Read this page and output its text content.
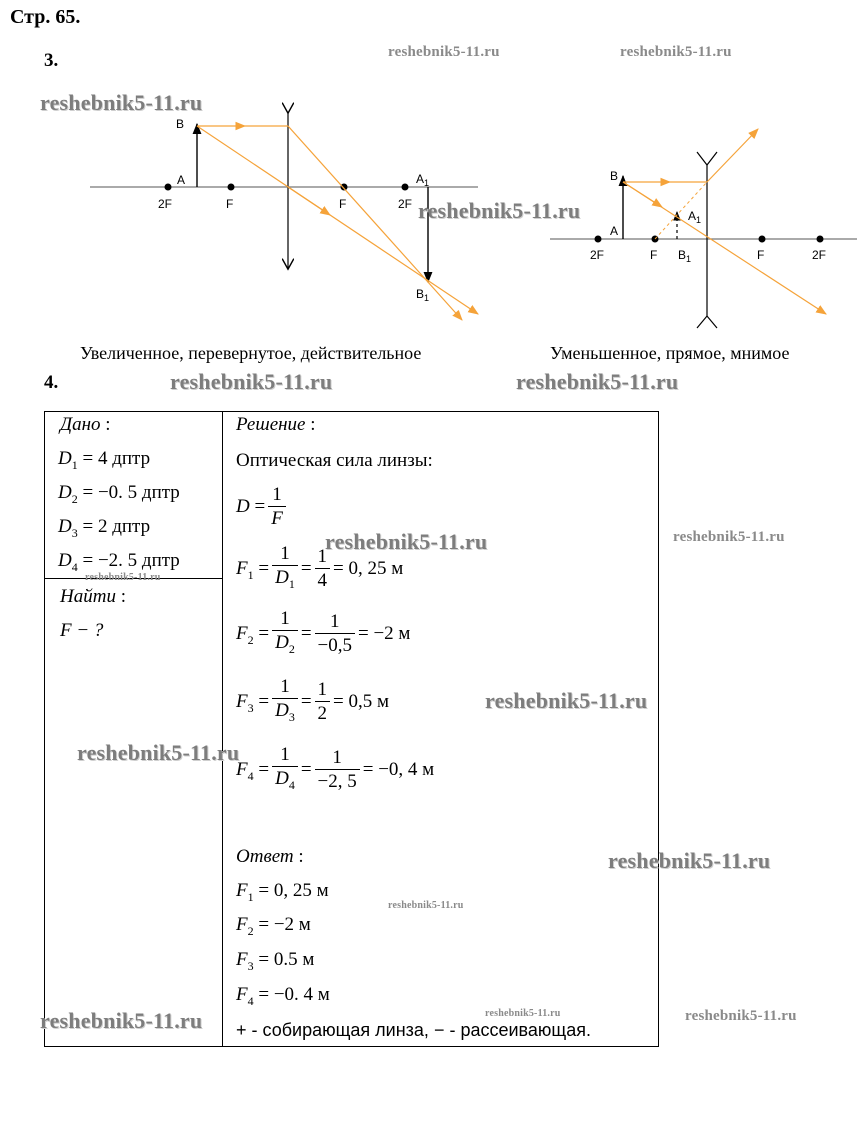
Стр. 65.
3.
B
A	$A_1$
$B_1$
2F	F	F	2F
B
A
$A_1$
$B_1$
2F	F	F	2F
Увеличенное, перевернутое, действительное	Уменьшенное, прямое, мнимое
4.
Дано :
$D_1 = 4$ дптр
$D_2 = -0$. 5 дптр
$D_3 = 2$ дптр
$D_4 = -2$. 5 дптр
Найти :
F − ?
Решение :
Оптическая сила линзы:
$D = \frac{1}{F}$
$F_1 = \frac{1}{D_1} = \frac{1}{4} = 0$, 25 м
$F_2 = \frac{1}{D_2} = \frac{1}{-0,5} = -2$ м
$F_3 = \frac{1}{D_3} = \frac{1}{2} = 0,5$ м
$F_4 = \frac{1}{D_4} = \frac{1}{-2, 5} = -0$, 4 м
Ответ :
$F_1 = 0$, 25 м
$F_2 = -2$ м
$F_3 = 0.5$ м
$F_4 = -0$. 4 м
+ - собирающая линза, − - рассеивающая.
reshebnik5-11.ru	reshebnik5-11.ru
reshebnik5-11.ru
reshebnik5-11.ru
reshebnik5-11.ru	reshebnik5-11.ru
reshebnik5-11.ru	reshebnik5-11.ru
reshebnik5-11.ru
reshebnik5-11.ru
reshebnik5-11.ru
reshebnik5-11.ru
reshebnik5-11.ru
reshebnik5-11.ru
reshebnik5-11.ru	reshebnik5-11.ru
